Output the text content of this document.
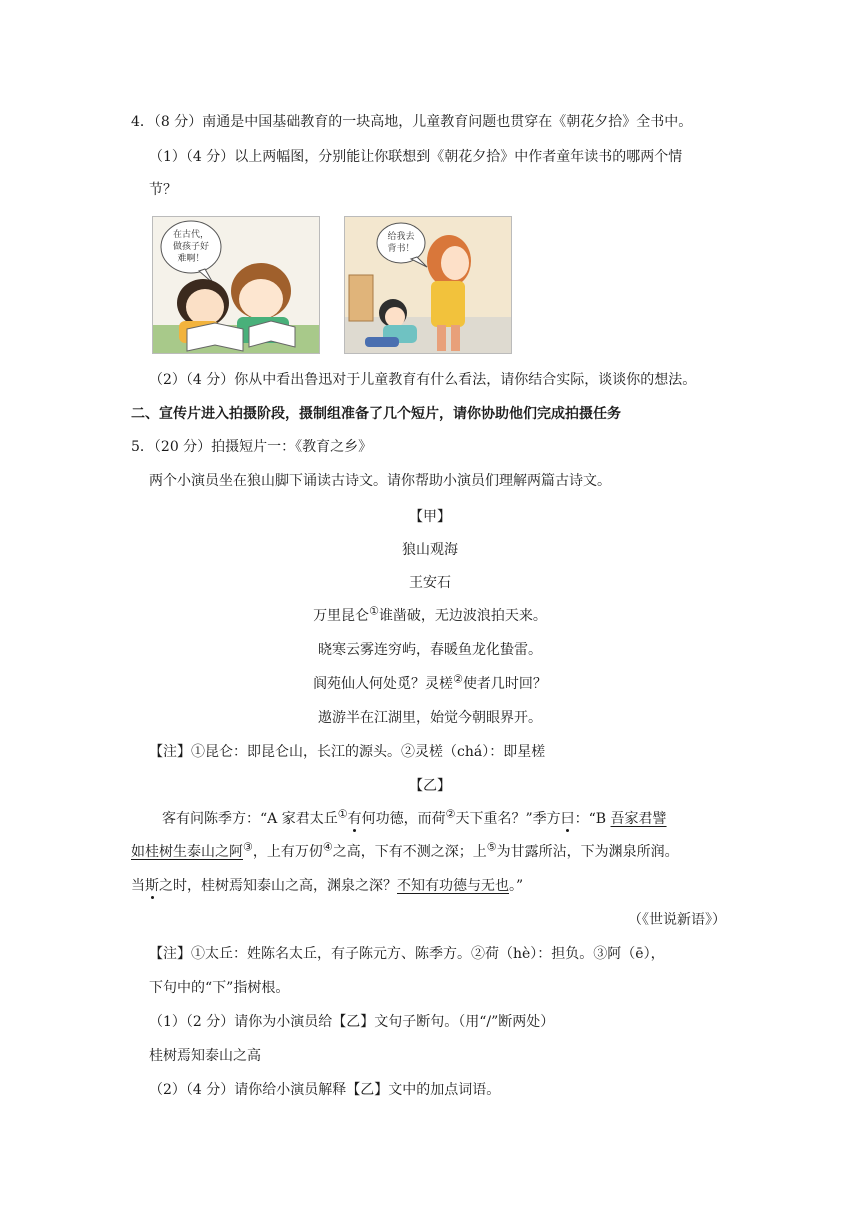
4．（8 分）南通是中国基础教育的一块高地，儿童教育问题也贯穿在《朝花夕拾》全书中。
（1）（4 分）以上两幅图，分别能让你联想到《朝花夕拾》中作者童年读书的哪两个情
节？
在古代，
做孩子好
难啊！
给我去
背书！
（2）（4 分）你从中看出鲁迅对于儿童教育有什么看法，请你结合实际，谈谈你的想法。
二、宣传片进入拍摄阶段，摄制组准备了几个短片，请你协助他们完成拍摄任务
5．（20 分）拍摄短片一：《教育之乡》
两个小演员坐在狼山脚下诵读古诗文。请你帮助小演员们理解两篇古诗文。
【甲】
狼山观海
王安石
万里昆仑①谁凿破，无边波浪拍天来。
晓寒云雾连穷屿，春暖鱼龙化蛰雷。
阆苑仙人何处觅？灵槎②使者几时回？
遨游半在江湖里，始觉今朝眼界开。
【注】①昆仑：即昆仑山，长江的源头。②灵槎（chá）：即星槎
【乙】
客有问陈季方：“A 家君太丘①有何功德，而荷②天下重名？”季方曰：“B 吾家君譬
如桂树生泰山之阿③，上有万仞④之高，下有不测之深；上⑤为甘露所沾，下为渊泉所润。
当斯之时，桂树焉知泰山之高，渊泉之深？不知有功德与无也。”
（《世说新语》）
【注】①太丘：姓陈名太丘，有子陈元方、陈季方。②荷（hè）：担负。③阿（ē），
下句中的“下”指树根。
（1）（2 分）请你为小演员给【乙】文句子断句。（用“/”断两处）
桂树焉知泰山之高
（2）（4 分）请你给小演员解释【乙】文中的加点词语。
